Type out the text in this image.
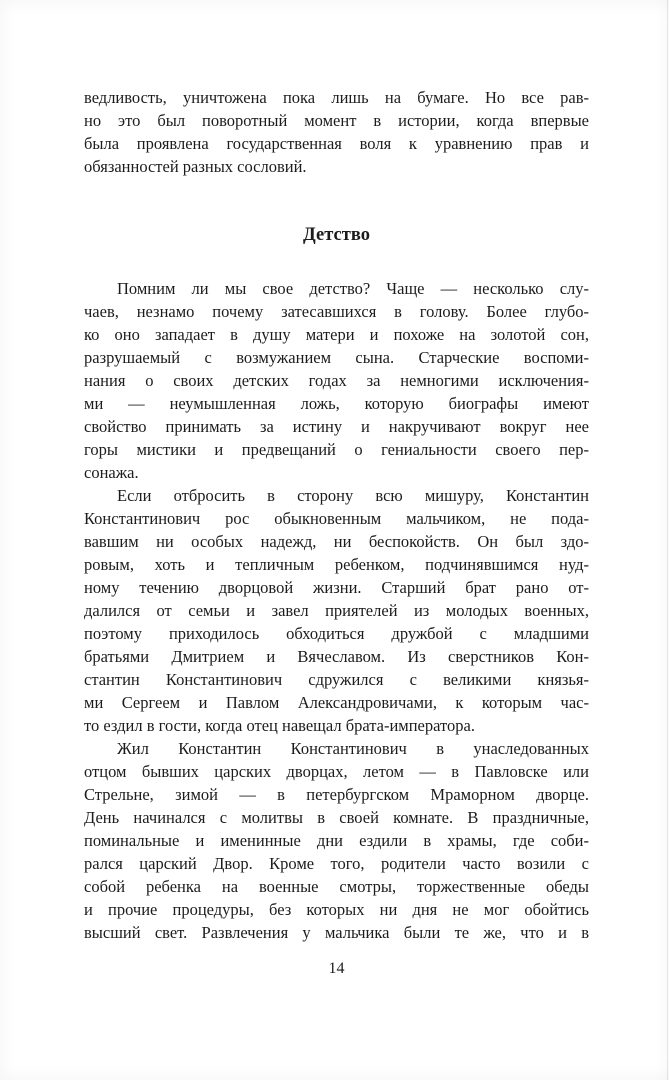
ведливость, уничтожена пока лишь на бумаге. Но все рав-
но это был поворотный момент в истории, когда впервые
была проявлена государственная воля к уравнению прав и
обязанностей разных сословий.
Детство
Помним ли мы свое детство? Чаще — несколько слу-
чаев, незнамо почему затесавшихся в голову. Более глубо-
ко оно западает в душу матери и похоже на золотой сон,
разрушаемый с возмужанием сына. Старческие воспоми-
нания о своих детских годах за немногими исключения-
ми — неумышленная ложь, которую биографы имеют
свойство принимать за истину и накручивают вокруг нее
горы мистики и предвещаний о гениальности своего пер-
сонажа.
Если отбросить в сторону всю мишуру, Константин
Константинович рос обыкновенным мальчиком, не пода-
вавшим ни особых надежд, ни беспокойств. Он был здо-
ровым, хоть и тепличным ребенком, подчинявшимся нуд-
ному течению дворцовой жизни. Старший брат рано от-
далился от семьи и завел приятелей из молодых военных,
поэтому приходилось обходиться дружбой с младшими
братьями Дмитрием и Вячеславом. Из сверстников Кон-
стантин Константинович сдружился с великими князья-
ми Сергеем и Павлом Александровичами, к которым час-
то ездил в гости, когда отец навещал брата-императора.
Жил Константин Константинович в унаследованных
отцом бывших царских дворцах, летом — в Павловске или
Стрельне, зимой — в петербургском Мраморном дворце.
День начинался с молитвы в своей комнате. В праздничные,
поминальные и именинные дни ездили в храмы, где соби-
рался царский Двор. Кроме того, родители часто возили с
собой ребенка на военные смотры, торжественные обеды
и прочие процедуры, без которых ни дня не мог обойтись
высший свет. Развлечения у мальчика были те же, что и в
14
